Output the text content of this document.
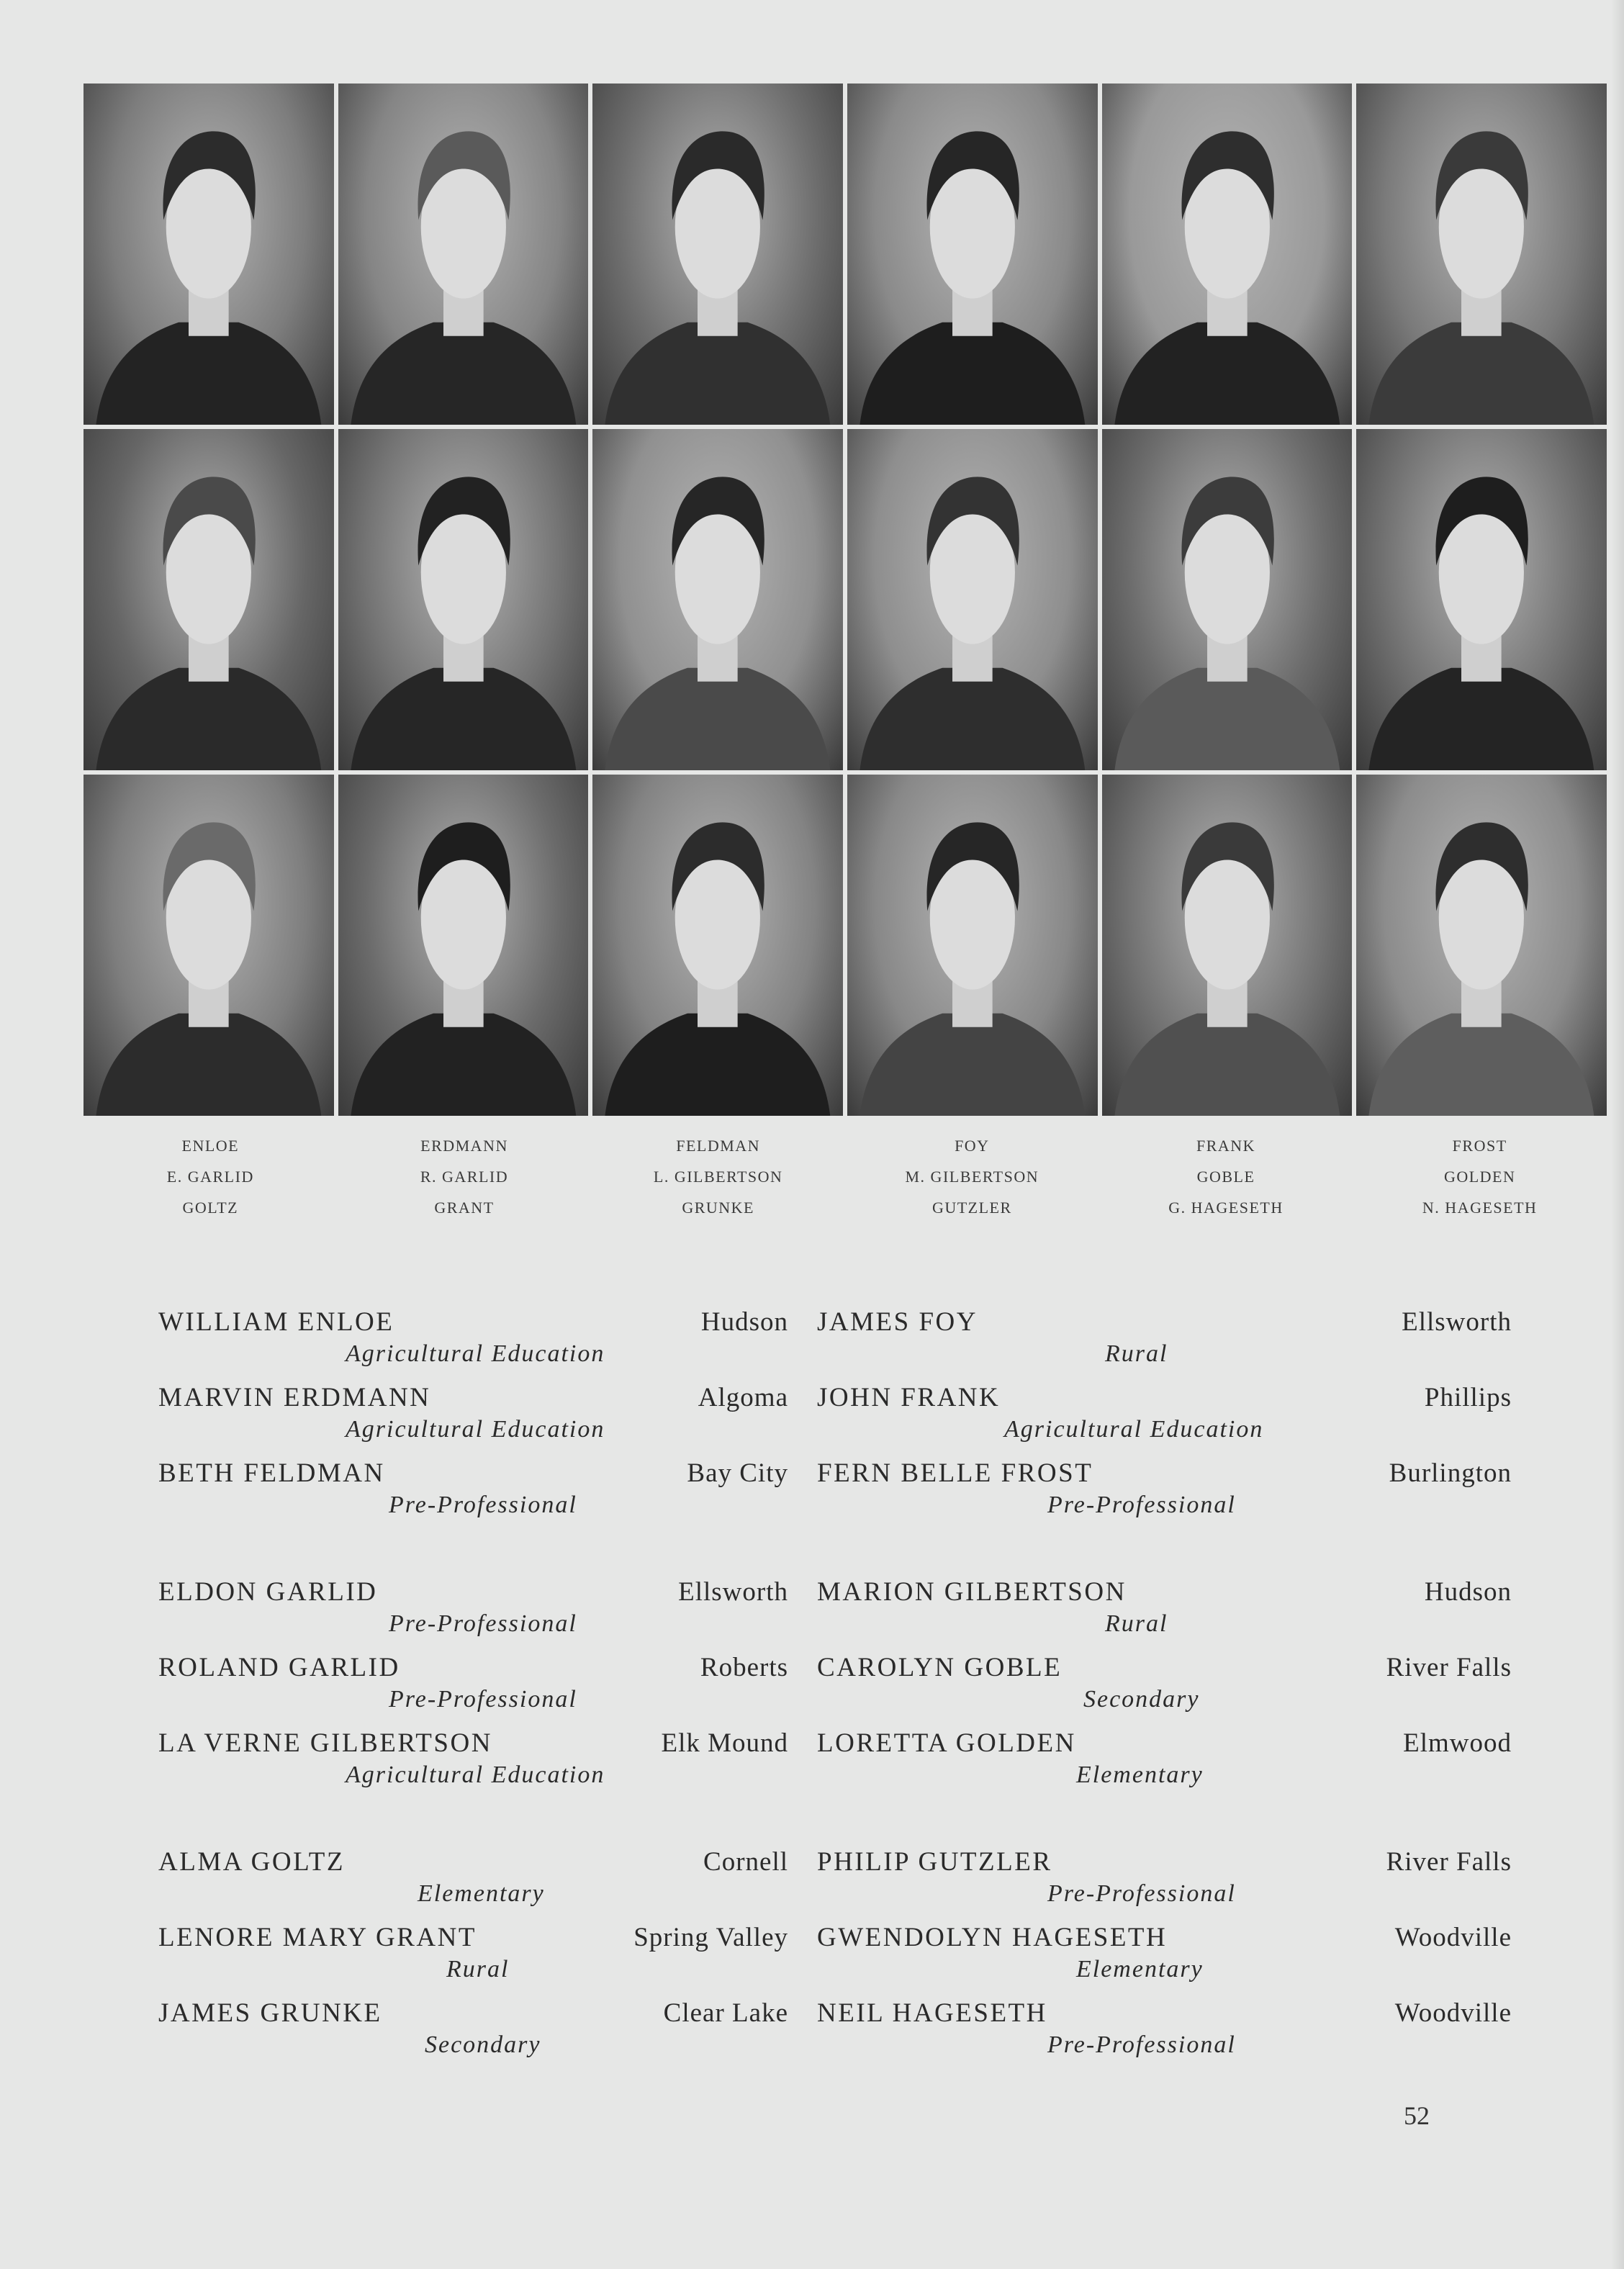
ENLOE
E. GARLID
GOLTZ
ERDMANN
R. GARLID
GRANT
FELDMAN
L. GILBERTSON
GRUNKE
FOY
M. GILBERTSON
GUTZLER
FRANK
GOBLE
G. HAGESETH
FROST
GOLDEN
N. HAGESETH
WILLIAM ENLOE	Hudson
Agricultural Education
MARVIN ERDMANN	Algoma
Agricultural Education
BETH FELDMAN	Bay City
Pre-Professional
ELDON GARLID	Ellsworth
Pre-Professional
ROLAND GARLID	Roberts
Pre-Professional
LA VERNE GILBERTSON	Elk Mound
Agricultural Education
ALMA GOLTZ	Cornell
Elementary
LENORE MARY GRANT	Spring Valley
Rural
JAMES GRUNKE	Clear Lake
Secondary
JAMES FOY	Ellsworth
Rural
JOHN FRANK	Phillips
Agricultural Education
FERN BELLE FROST	Burlington
Pre-Professional
MARION GILBERTSON	Hudson
Rural
CAROLYN GOBLE	River Falls
Secondary
LORETTA GOLDEN	Elmwood
Elementary
PHILIP GUTZLER	River Falls
Pre-Professional
GWENDOLYN HAGESETH	Woodville
Elementary
NEIL HAGESETH	Woodville
Pre-Professional
52
